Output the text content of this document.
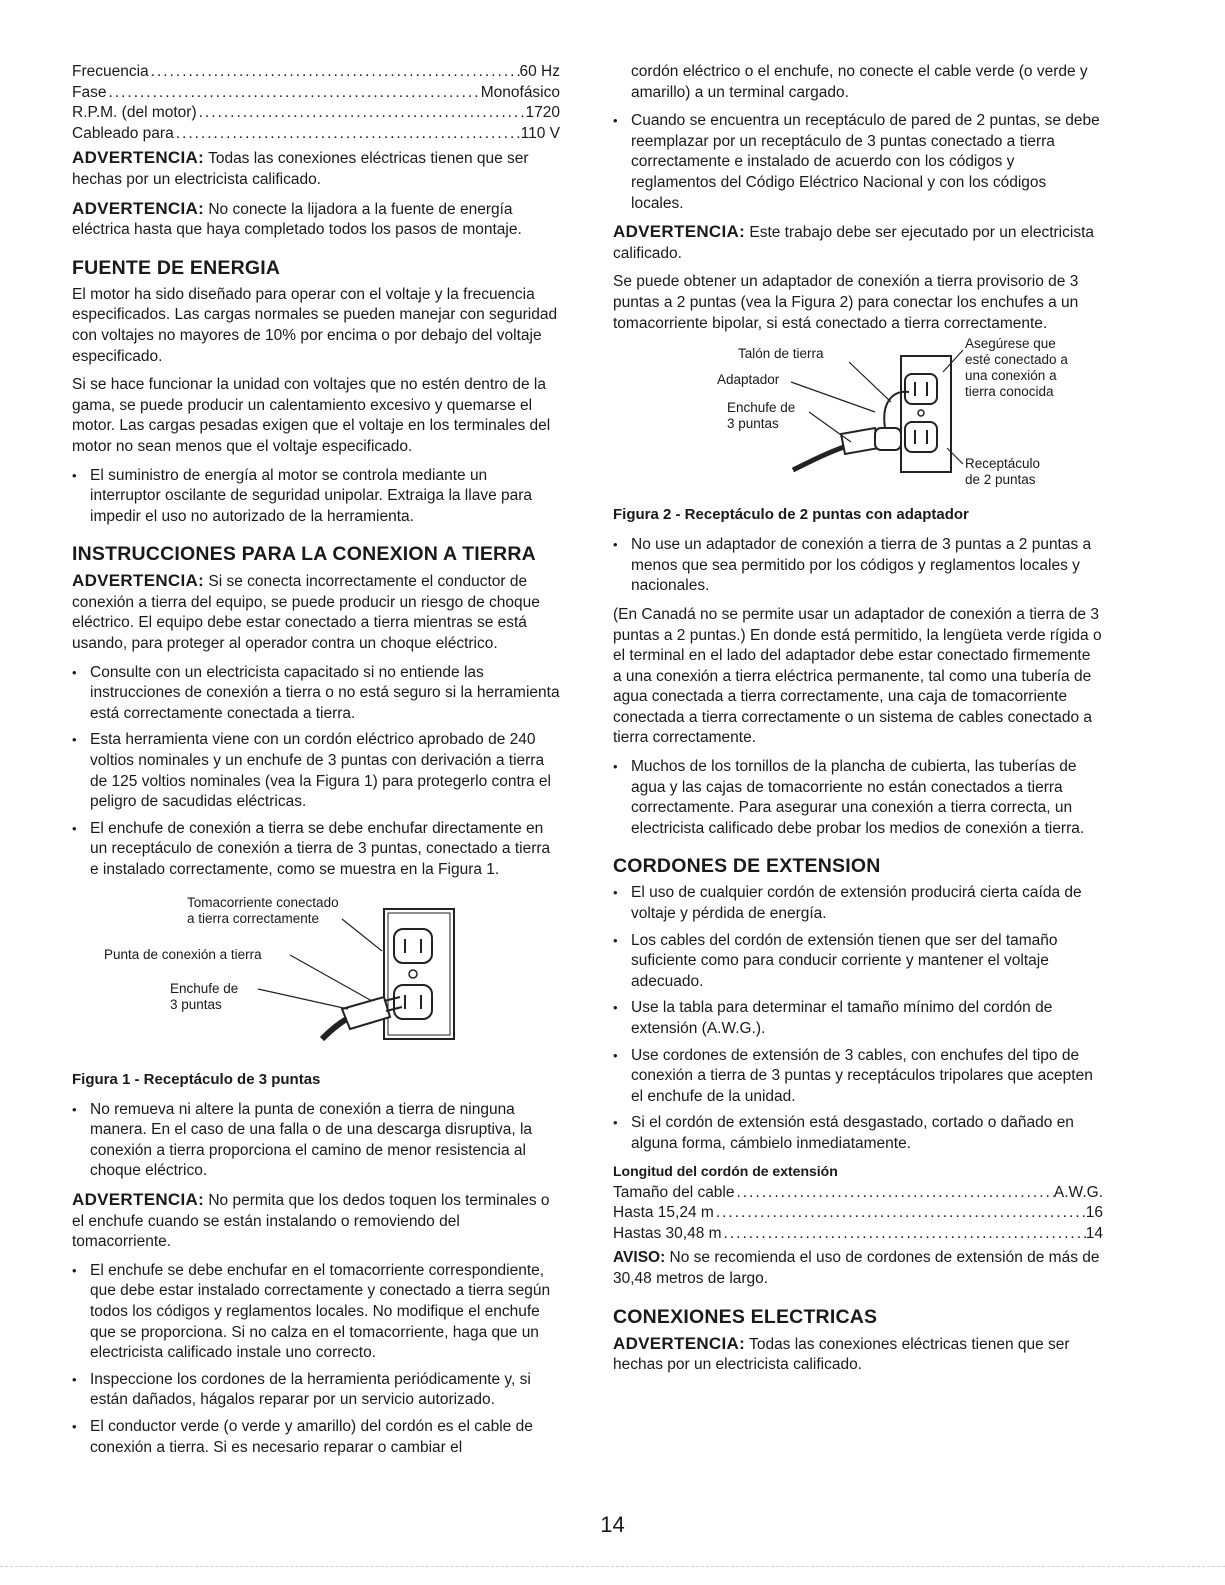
Frecuencia .....	60 Hz
Fase .....	Monofásico
R.P.M. (del motor) .....	1720
Cableado para .....	110 V

ADVERTENCIA: Todas las conexiones eléctricas tienen que ser hechas por un electricista calificado.

ADVERTENCIA: No conecte la lijadora a la fuente de energía eléctrica hasta que haya completado todos los pasos de montaje.

FUENTE DE ENERGIA

El motor ha sido diseñado para operar con el voltaje y la frecuencia especificados. Las cargas normales se pueden manejar con seguridad con voltajes no mayores de 10% por encima o por debajo del voltaje especificado.

Si se hace funcionar la unidad con voltajes que no estén dentro de la gama, se puede producir un calentamiento excesivo y quemarse el motor. Las cargas pesadas exigen que el voltaje en los terminales del motor no sean menos que el voltaje especificado.

• El suministro de energía al motor se controla mediante un interruptor oscilante de seguridad unipolar. Extraiga la llave para impedir el uso no autorizado de la herramienta.
INSTRUCCIONES PARA LA CONEXION A TIERRA

ADVERTENCIA: Si se conecta incorrectamente el conductor de conexión a tierra del equipo, se puede producir un riesgo de choque eléctrico. El equipo debe estar conectado a tierra mientras se está usando, para proteger al operador contra un choque eléctrico.

• Consulte con un electricista capacitado si no entiende las instrucciones de conexión a tierra o no está seguro si la herramienta está correctamente conectada a tierra.
• Esta herramienta viene con un cordón eléctrico aprobado de 240 voltios nominales y un enchufe de 3 puntas con derivación a tierra de 125 voltios nominales (vea la Figura 1) para protegerlo contra el peligro de sacudidas eléctricas.
• El enchufe de conexión a tierra se debe enchufar directamente en un receptáculo de conexión a tierra de 3 puntas, conectado a tierra e instalado correctamente, como se muestra en la Figura 1.
Tomacorriente conectado
a tierra correctamente
Punta de conexión a tierra
Enchufe de
3 puntas
Figura 1 - Receptáculo de 3 puntas
• No remueva ni altere la punta de conexión a tierra de ninguna manera. En el caso de una falla o de una descarga disruptiva, la conexión a tierra proporciona el camino de menor resistencia al choque eléctrico.

ADVERTENCIA: No permita que los dedos toquen los terminales o el enchufe cuando se están instalando o removiendo del tomacorriente.

• El enchufe se debe enchufar en el tomacorriente correspondiente, que debe estar instalado correctamente y conectado a tierra según todos los códigos y reglamentos locales. No modifique el enchufe que se proporciona. Si no calza en el tomacorriente, haga que un electricista calificado instale uno correcto.
• Inspeccione los cordones de la herramienta periódicamente y, si están dañados, hágalos reparar por un servicio autorizado.
• El conductor verde (o verde y amarillo) del cordón es el cable de conexión a tierra. Si es necesario reparar o cambiar el

cordón eléctrico o el enchufe, no conecte el cable verde (o verde y amarillo) a un terminal cargado.

• Cuando se encuentra un receptáculo de pared de 2 puntas, se debe reemplazar por un receptáculo de 3 puntas conectado a tierra correctamente e instalado de acuerdo con los códigos y reglamentos del Código Eléctrico Nacional y con los códigos locales.

ADVERTENCIA: Este trabajo debe ser ejecutado por un electricista calificado.

Se puede obtener un adaptador de conexión a tierra provisorio de 3 puntas a 2 puntas (vea la Figura 2) para conectar los enchufes a un tomacorriente bipolar, si está conectado a tierra correctamente.

Talón de tierra
Adaptador
Enchufe de
3 puntas
Asegúrese que
esté conectado a
una conexión a
tierra conocida
Receptáculo
de 2 puntas
Figura 2 - Receptáculo de 2 puntas con adaptador
• No use un adaptador de conexión a tierra de 3 puntas a 2 puntas a menos que sea permitido por los códigos y reglamentos locales y nacionales.

(En Canadá no se permite usar un adaptador de conexión a tierra de 3 puntas a 2 puntas.) En donde está permitido, la lengüeta verde rígida o el terminal en el lado del adaptador debe estar conectado firmemente a una conexión a tierra eléctrica permanente, tal como una tubería de agua conectada a tierra correctamente, una caja de tomacorriente conectada a tierra correctamente o un sistema de cables conectado a tierra correctamente.

• Muchos de los tornillos de la plancha de cubierta, las tuberías de agua y las cajas de tomacorriente no están conectados a tierra correctamente. Para asegurar una conexión a tierra correcta, un electricista calificado debe probar los medios de conexión a tierra.
CORDONES DE EXTENSION
• El uso de cualquier cordón de extensión producirá cierta caída de voltaje y pérdida de energía.
• Los cables del cordón de extensión tienen que ser del tamaño suficiente como para conducir corriente y mantener el voltaje adecuado.
• Use la tabla para determinar el tamaño mínimo del cordón de extensión (A.W.G.).
• Use cordones de extensión de 3 cables, con enchufes del tipo de conexión a tierra de 3 puntas y receptáculos tripolares que acepten el enchufe de la unidad.
• Si el cordón de extensión está desgastado, cortado o dañado en alguna forma, cámbielo inmediatamente.
Longitud del cordón de extensión
Tamaño del cable .....	A.W.G.
Hasta 15,24 m .....	16
Hastas 30,48 m .....	14

AVISO: No se recomienda el uso de cordones de extensión de más de 30,48 metros de largo.

CONEXIONES ELECTRICAS

ADVERTENCIA: Todas las conexiones eléctricas tienen que ser hechas por un electricista calificado.

14
